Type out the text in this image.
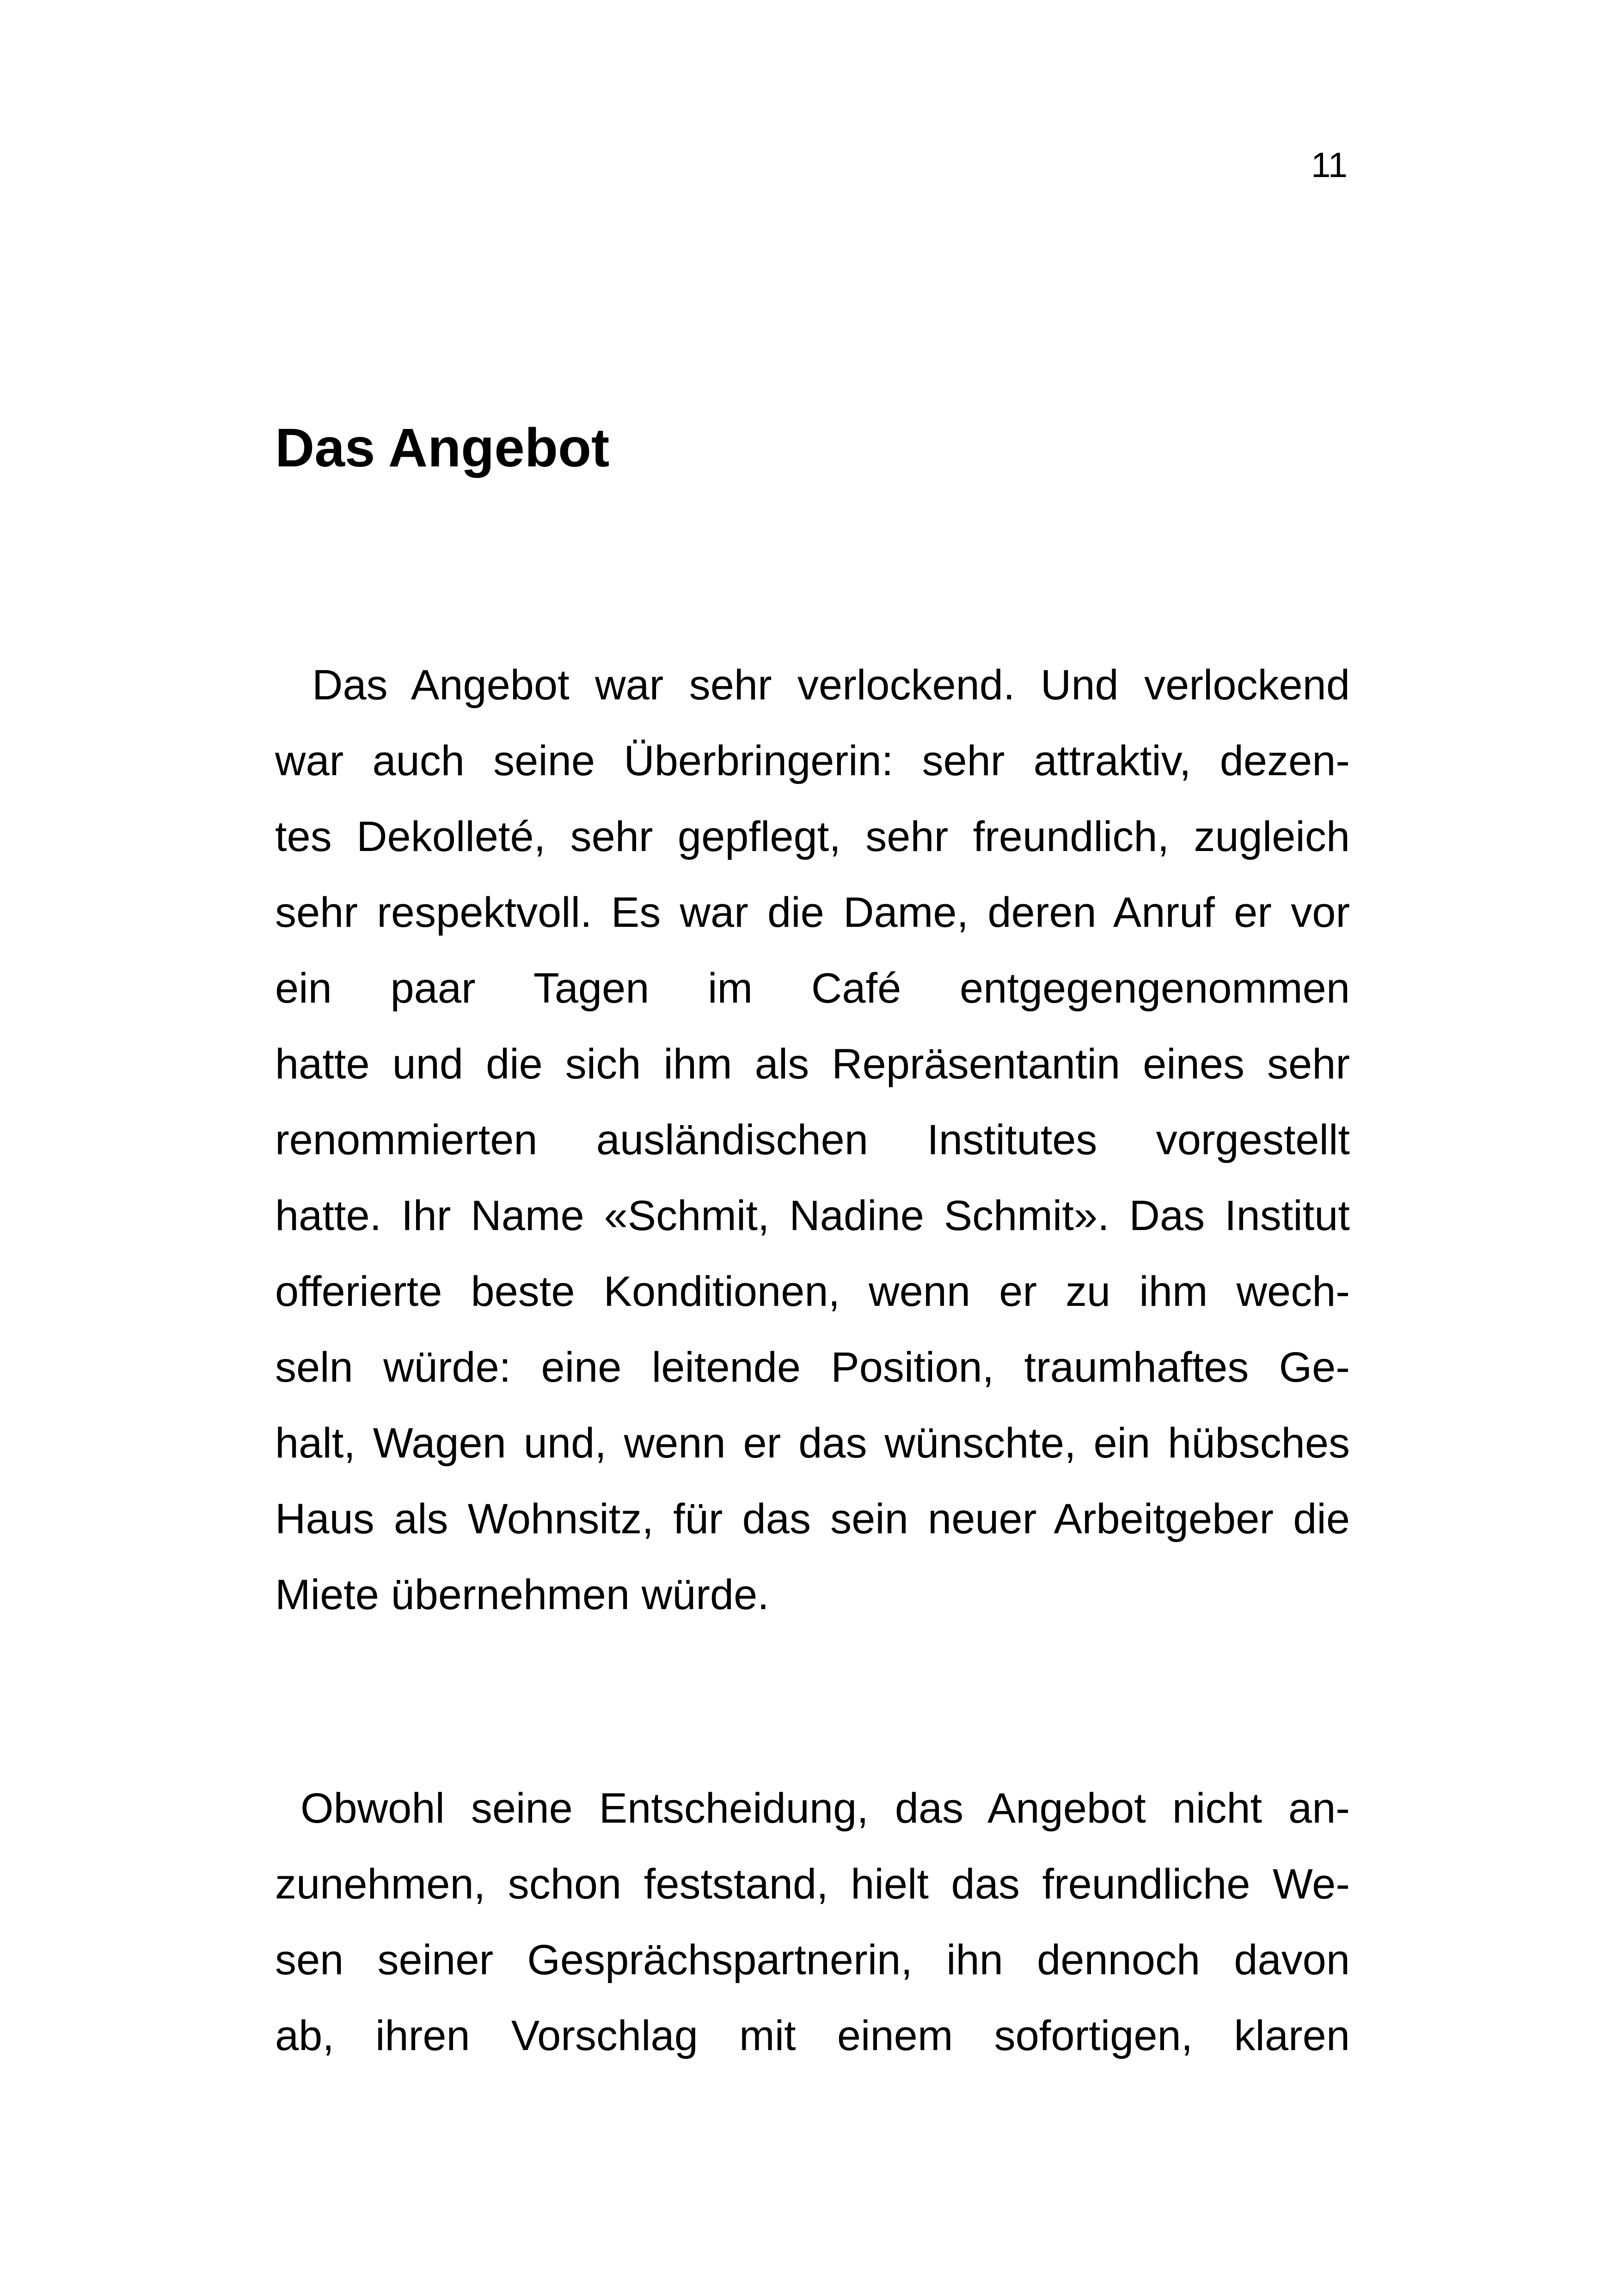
11
Das Angebot
Das Angebot war sehr verlockend. Und verlockend
war auch seine Überbringerin: sehr attraktiv, dezen-
tes Dekolleté, sehr gepflegt, sehr freundlich, zugleich
sehr respektvoll. Es war die Dame, deren Anruf er vor
ein paar Tagen im Café entgegengenommen
hatte und die sich ihm als Repräsentantin eines sehr
renommierten ausländischen Institutes vorgestellt
hatte. Ihr Name «Schmit, Nadine Schmit». Das Institut
offerierte beste Konditionen, wenn er zu ihm wech-
seln würde: eine leitende Position, traumhaftes Ge-
halt, Wagen und, wenn er das wünschte, ein hübsches
Haus als Wohnsitz, für das sein neuer Arbeitgeber die
Miete übernehmen würde.
Obwohl seine Entscheidung, das Angebot nicht an-
zunehmen, schon feststand, hielt das freundliche We-
sen seiner Gesprächspartnerin, ihn dennoch davon
ab, ihren Vorschlag mit einem sofortigen, klaren
